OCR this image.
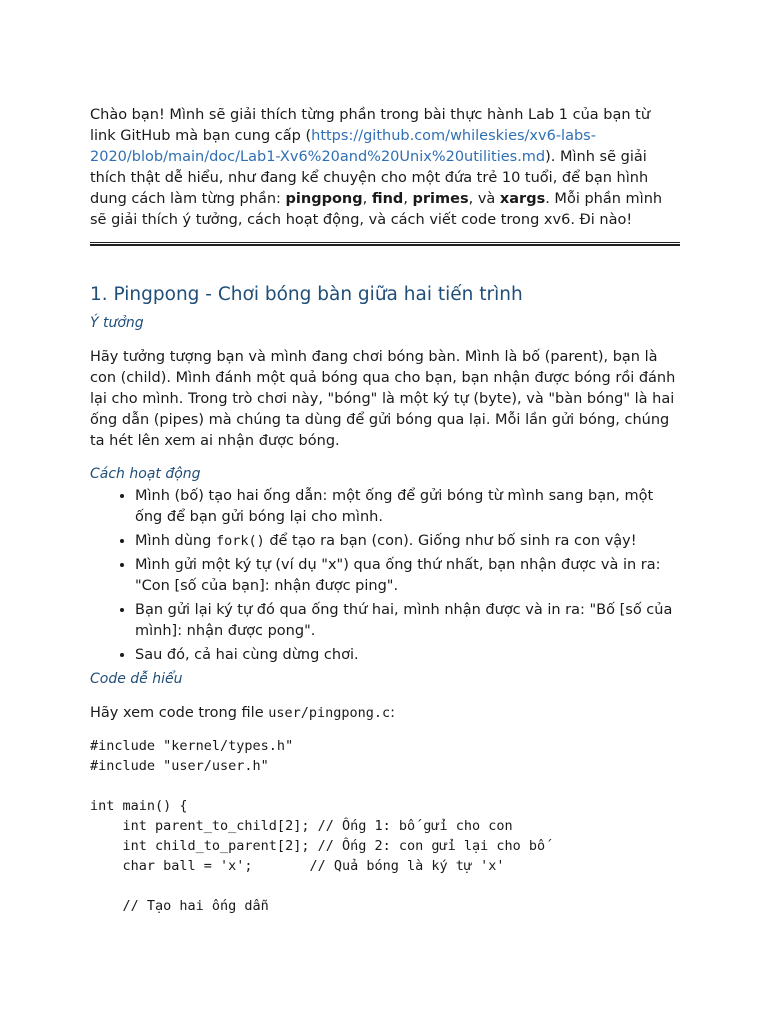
Chào bạn! Mình sẽ giải thích từng phần trong bài thực hành Lab 1 của bạn từ link GitHub mà bạn cung cấp (https://github.com/whileskies/xv6-labs-2020/blob/main/doc/Lab1-Xv6%20and%20Unix%20utilities.md). Mình sẽ giải thích thật dễ hiểu, như đang kể chuyện cho một đứa trẻ 10 tuổi, để bạn hình dung cách làm từng phần: pingpong, find, primes, và xargs. Mỗi phần mình sẽ giải thích ý tưởng, cách hoạt động, và cách viết code trong xv6. Đi nào!

1. Pingpong - Chơi bóng bàn giữa hai tiến trình
Ý tưởng

Hãy tưởng tượng bạn và mình đang chơi bóng bàn. Mình là bố (parent), bạn là con (child). Mình đánh một quả bóng qua cho bạn, bạn nhận được bóng rồi đánh lại cho mình. Trong trò chơi này, "bóng" là một ký tự (byte), và "bàn bóng" là hai ống dẫn (pipes) mà chúng ta dùng để gửi bóng qua lại. Mỗi lần gửi bóng, chúng ta hét lên xem ai nhận được bóng.

Cách hoạt động
• Mình (bố) tạo hai ống dẫn: một ống để gửi bóng từ mình sang bạn, một ống để bạn gửi bóng lại cho mình.
• Mình dùng fork() để tạo ra bạn (con). Giống như bố sinh ra con vậy!
• Mình gửi một ký tự (ví dụ "x") qua ống thứ nhất, bạn nhận được và in ra: "Con [số của bạn]: nhận được ping".
• Bạn gửi lại ký tự đó qua ống thứ hai, mình nhận được và in ra: "Bố [số của mình]: nhận được pong".
• Sau đó, cả hai cùng dừng chơi.
Code dễ hiểu

Hãy xem code trong file user/pingpong.c:

#include "kernel/types.h"
#include "user/user.h"

int main() {
int parent_to_child[2]; // Ống 1: bố gửi cho con
int child_to_parent[2]; // Ống 2: con gửi lại cho bố
char ball = 'x';       // Quả bóng là ký tự 'x'

// Tạo hai ống dẫn
